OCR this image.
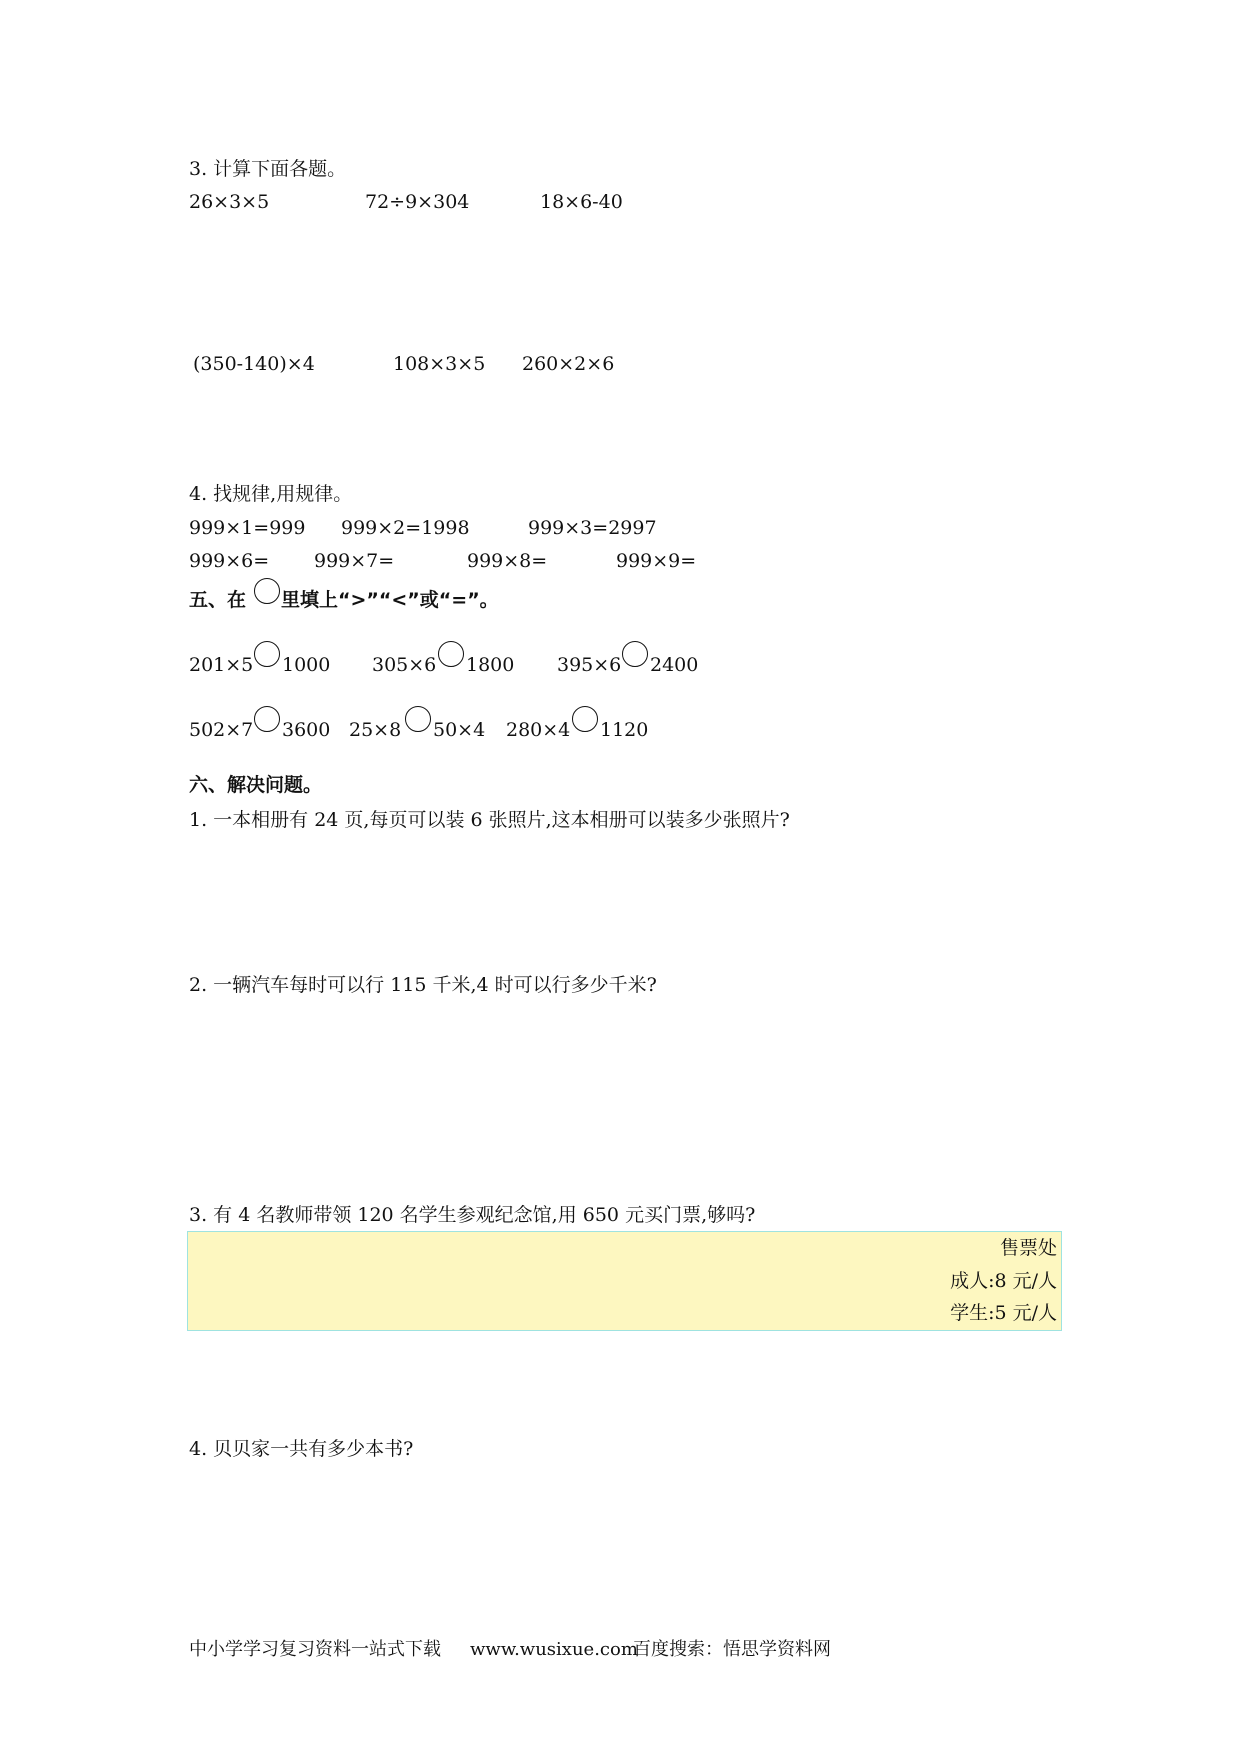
3. 计算下面各题。
26×3×5	72÷9×304	18×6-40
(350-140)×4	108×3×5 260×2×6
4. 找规律,用规律。
999×1=999 999×2=1998	999×3=2997
999×6= 999×7=	999×8=	999×9=
五、在 里填上“>”“<”或“=”。
201×5 1000 305×6 1800 395×6 2400
502×7 3600 25×8 50×4 280×4 1120
六、解决问题。
1. 一本相册有 24 页,每页可以装 6 张照片,这本相册可以装多少张照片?
2. 一辆汽车每时可以行 115 千米,4 时可以行多少千米?
3. 有 4 名教师带领 120 名学生参观纪念馆,用 650 元买门票,够吗?
售票处
成人:8 元/人
学生:5 元/人
4. 贝贝家一共有多少本书?
中小学学习复习资料一站式下载 www.wusixue.com
百度搜索：悟思学资料网
